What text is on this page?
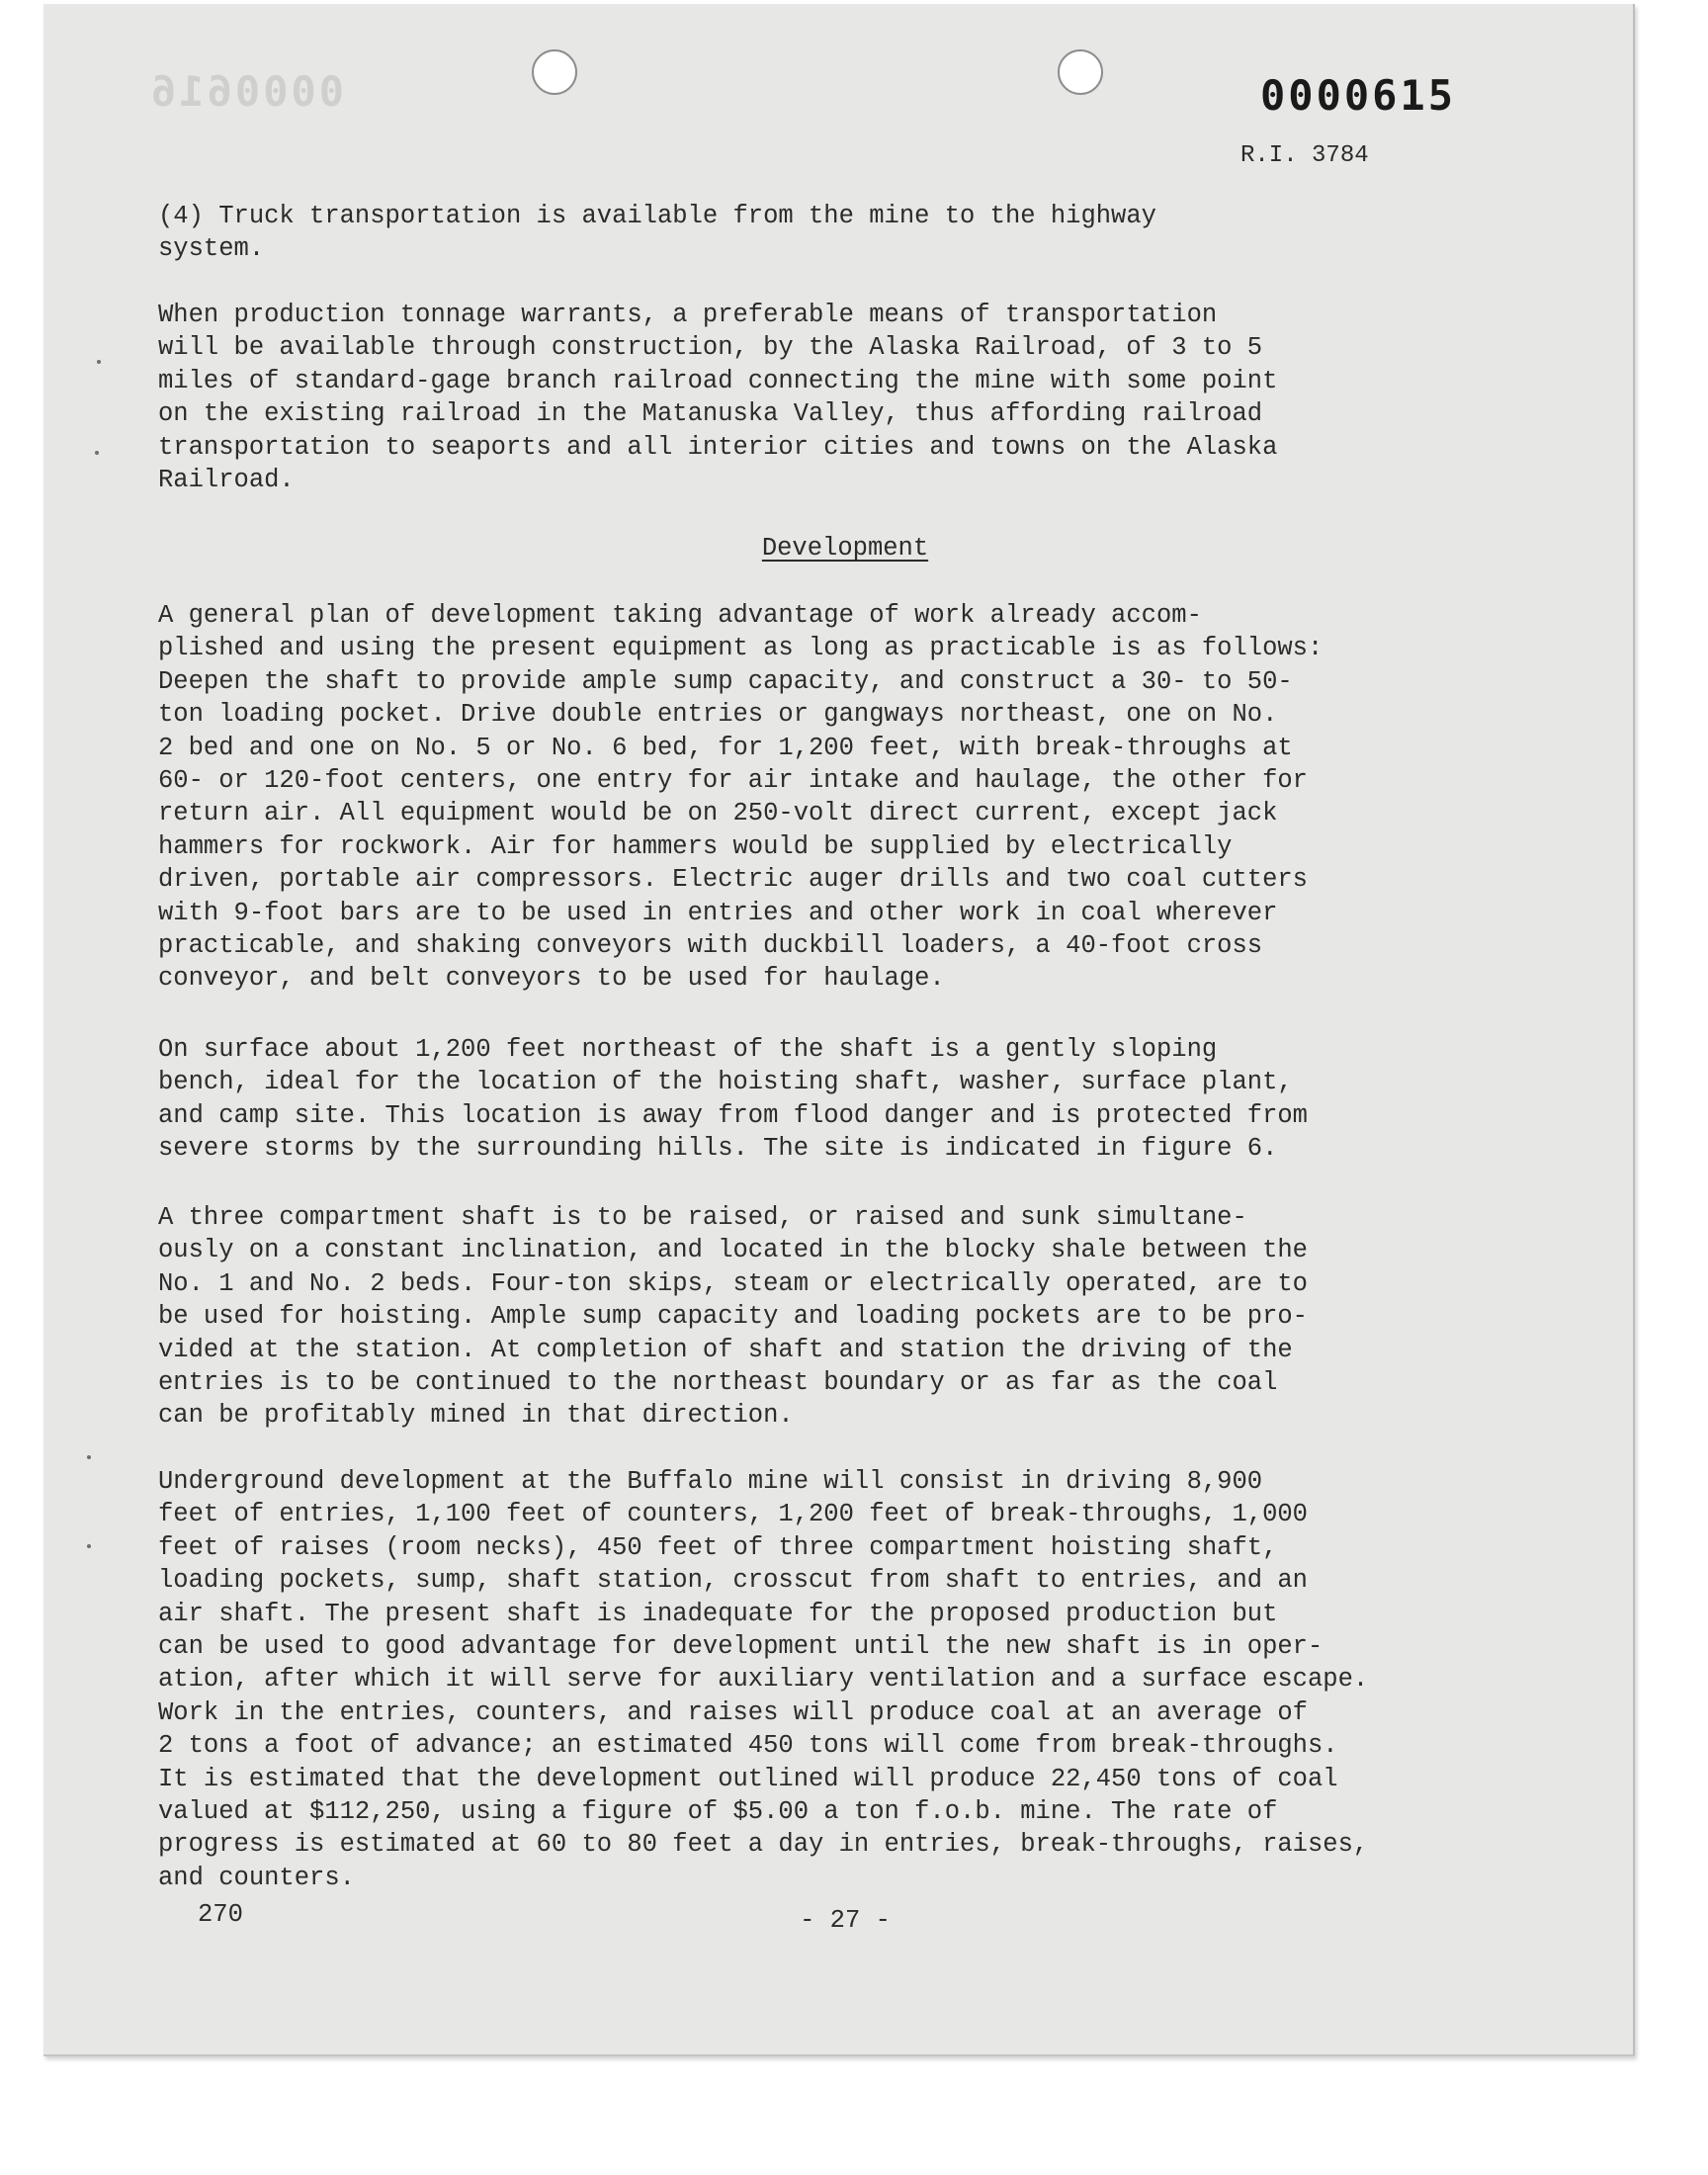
0000616	0000615
R.I. 3784
(4) Truck transportation is available from the mine to the highway
system.
When production tonnage warrants, a preferable means of transportation
will be available through construction, by the Alaska Railroad, of 3 to 5
miles of standard-gage branch railroad connecting the mine with some point
on the existing railroad in the Matanuska Valley, thus affording railroad
transportation to seaports and all interior cities and towns on the Alaska
Railroad.
Development
A general plan of development taking advantage of work already accom-
plished and using the present equipment as long as practicable is as follows:
Deepen the shaft to provide ample sump capacity, and construct a 30- to 50-
ton loading pocket. Drive double entries or gangways northeast, one on No.
2 bed and one on No. 5 or No. 6 bed, for 1,200 feet, with break-throughs at
60- or 120-foot centers, one entry for air intake and haulage, the other for
return air. All equipment would be on 250-volt direct current, except jack
hammers for rockwork. Air for hammers would be supplied by electrically
driven, portable air compressors. Electric auger drills and two coal cutters
with 9-foot bars are to be used in entries and other work in coal wherever
practicable, and shaking conveyors with duckbill loaders, a 40-foot cross
conveyor, and belt conveyors to be used for haulage.
On surface about 1,200 feet northeast of the shaft is a gently sloping
bench, ideal for the location of the hoisting shaft, washer, surface plant,
and camp site. This location is away from flood danger and is protected from
severe storms by the surrounding hills. The site is indicated in figure 6.
A three compartment shaft is to be raised, or raised and sunk simultane-
ously on a constant inclination, and located in the blocky shale between the
No. 1 and No. 2 beds. Four-ton skips, steam or electrically operated, are to
be used for hoisting. Ample sump capacity and loading pockets are to be pro-
vided at the station. At completion of shaft and station the driving of the
entries is to be continued to the northeast boundary or as far as the coal
can be profitably mined in that direction.
Underground development at the Buffalo mine will consist in driving 8,900
feet of entries, 1,100 feet of counters, 1,200 feet of break-throughs, 1,000
feet of raises (room necks), 450 feet of three compartment hoisting shaft,
loading pockets, sump, shaft station, crosscut from shaft to entries, and an
air shaft. The present shaft is inadequate for the proposed production but
can be used to good advantage for development until the new shaft is in oper-
ation, after which it will serve for auxiliary ventilation and a surface escape.
Work in the entries, counters, and raises will produce coal at an average of
2 tons a foot of advance; an estimated 450 tons will come from break-throughs.
It is estimated that the development outlined will produce 22,450 tons of coal
valued at $112,250, using a figure of $5.00 a ton f.o.b. mine. The rate of
progress is estimated at 60 to 80 feet a day in entries, break-throughs, raises,
and counters.
270	- 27 -
